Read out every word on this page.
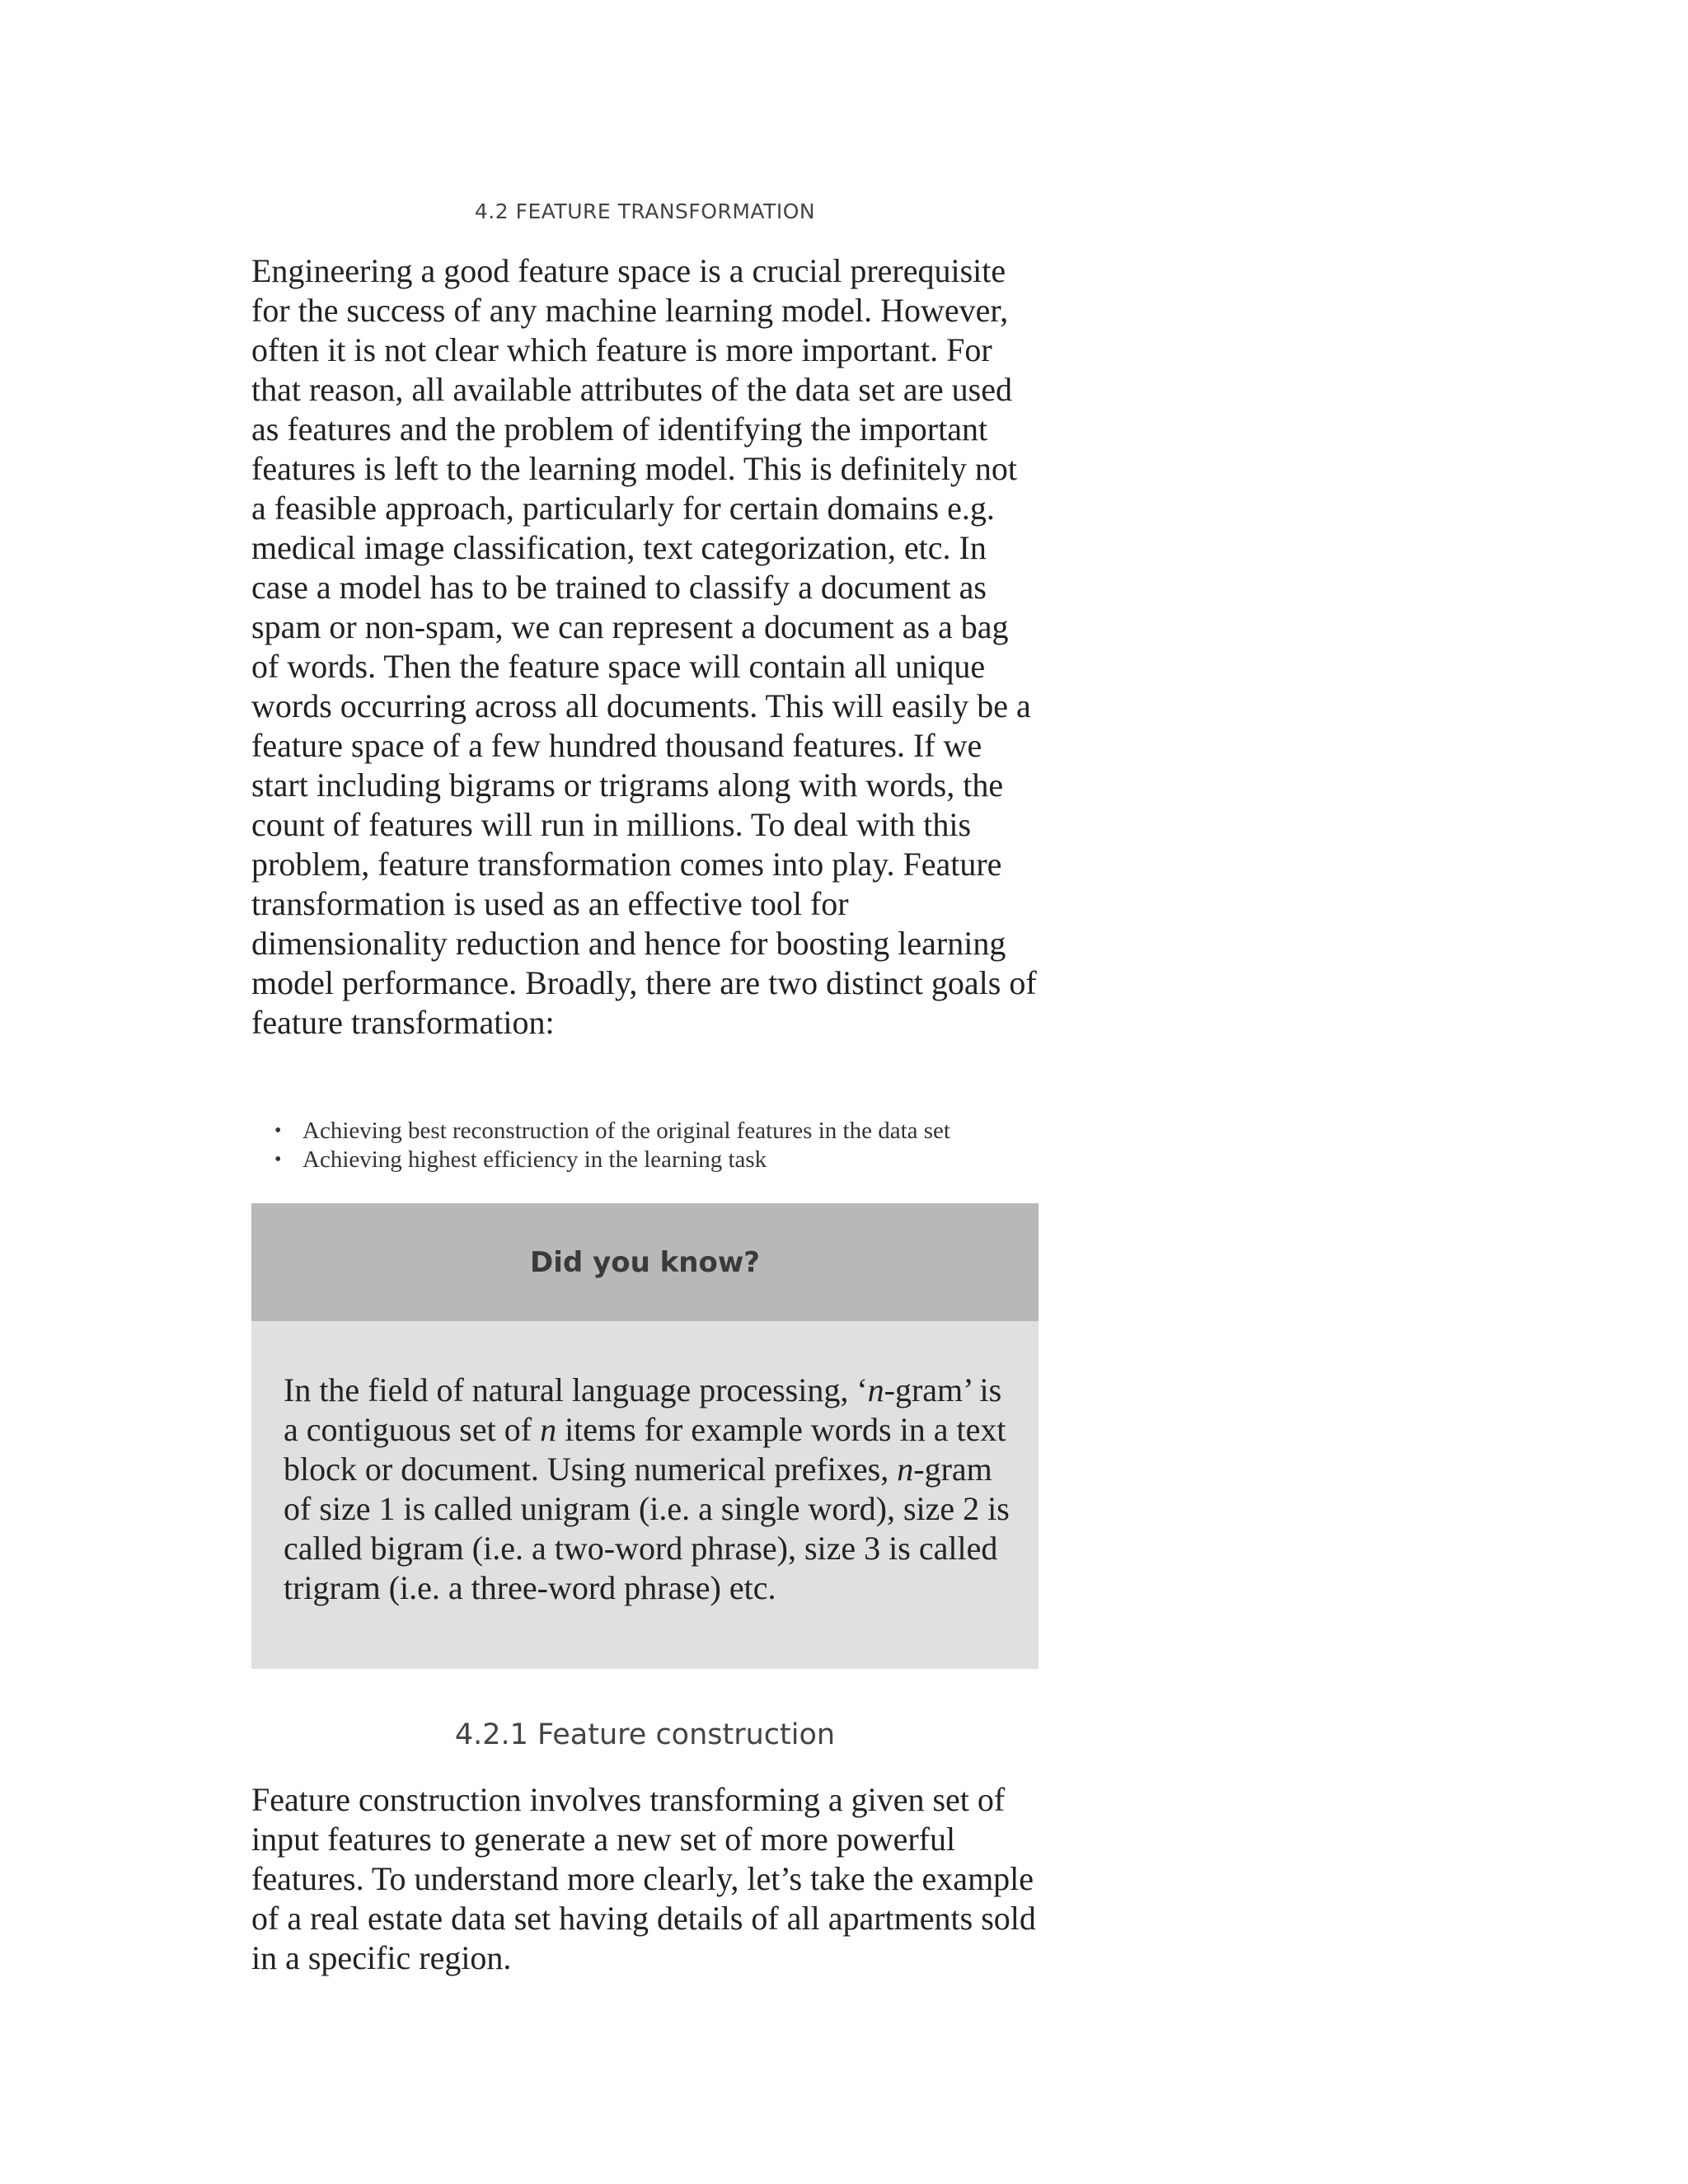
4.2 FEATURE TRANSFORMATION

Engineering a good feature space is a crucial prerequisite for the success of any machine learning model. However, often it is not clear which feature is more important. For that reason, all available attributes of the data set are used as features and the problem of identifying the important features is left to the learning model. This is definitely not a feasible approach, particularly for certain domains e.g. medical image classification, text categorization, etc. In case a model has to be trained to classify a document as spam or non-spam, we can represent a document as a bag of words. Then the feature space will contain all unique words occurring across all documents. This will easily be a feature space of a few hundred thousand features. If we start including bigrams or trigrams along with words, the count of features will run in millions. To deal with this problem, feature transformation comes into play. Feature transformation is used as an effective tool for dimensionality reduction and hence for boosting learning model performance. Broadly, there are two distinct goals of feature transformation:

• Achieving best reconstruction of the original features in the data set
• Achieving highest efficiency in the learning task
Did you know?

In the field of natural language processing, ‘n-gram’ is a contiguous set of n items for example words in a text block or document. Using numerical prefixes, n-gram of size 1 is called unigram (i.e. a single word), size 2 is called bigram (i.e. a two-word phrase), size 3 is called trigram (i.e. a three-word phrase) etc.

4.2.1 Feature construction

Feature construction involves transforming a given set of input features to generate a new set of more powerful features. To understand more clearly, let’s take the example of a real estate data set having details of all apartments sold in a specific region.
